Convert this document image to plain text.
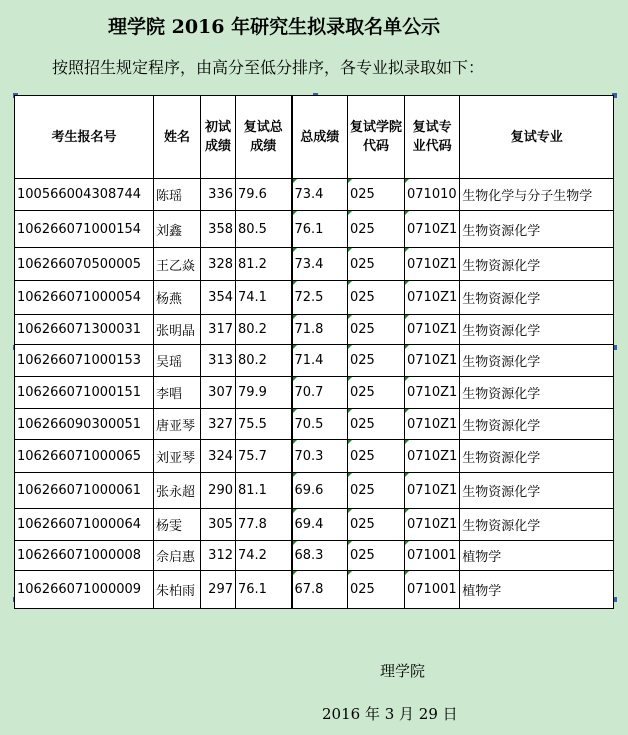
理学院 2016 年研究生拟录取名单公示
按照招生规定程序，由高分至低分排序，各专业拟录取如下：
考生报名号	姓名	初试成绩	复试总成绩	总成绩	复试学院代码	复试专业代码	复试专业
100566004308744	陈瑶	336	79.6	73.4	025	071010	生物化学与分子生物学
106266071000154	刘鑫	358	80.5	76.1	025	0710Z1	生物资源化学
106266070500005	王乙焱	328	81.2	73.4	025	0710Z1	生物资源化学
106266071000054	杨燕	354	74.1	72.5	025	0710Z1	生物资源化学
106266071300031	张明晶	317	80.2	71.8	025	0710Z1	生物资源化学
106266071000153	吴瑶	313	80.2	71.4	025	0710Z1	生物资源化学
106266071000151	李唱	307	79.9	70.7	025	0710Z1	生物资源化学
106266090300051	唐亚琴	327	75.5	70.5	025	0710Z1	生物资源化学
106266071000065	刘亚琴	324	75.7	70.3	025	0710Z1	生物资源化学
106266071000061	张永超	290	81.1	69.6	025	0710Z1	生物资源化学
106266071000064	杨雯	305	77.8	69.4	025	0710Z1	生物资源化学
106266071000008	佘启惠	312	74.2	68.3	025	071001	植物学
106266071000009	朱柏雨	297	76.1	67.8	025	071001	植物学
理学院
2016 年 3 月 29 日
